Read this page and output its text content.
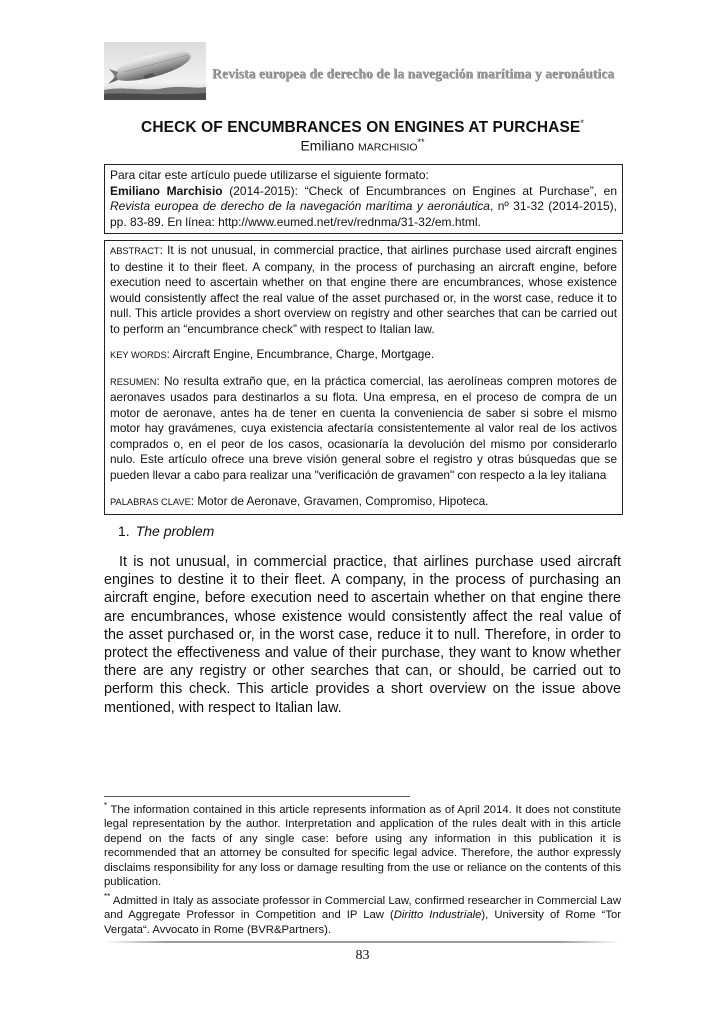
Revista europea de derecho de la navegación marítima y aeronáutica
CHECK OF ENCUMBRANCES ON ENGINES AT PURCHASE*
Emiliano MARCHISIO**
Para citar este artículo puede utilizarse el siguiente formato:
Emiliano Marchisio (2014-2015): “Check of Encumbrances on Engines at Purchase”, en Revista europea de derecho de la navegación marítima y aeronáutica, nº 31-32 (2014-2015), pp. 83-89. En línea: http://www.eumed.net/rev/rednma/31-32/em.html.

ABSTRACT: It is not unusual, in commercial practice, that airlines purchase used aircraft engines to destine it to their fleet. A company, in the process of purchasing an aircraft engine, before execution need to ascertain whether on that engine there are encumbrances, whose existence would consistently affect the real value of the asset purchased or, in the worst case, reduce it to null. This article provides a short overview on registry and other searches that can be carried out to perform an “encumbrance check” with respect to Italian law.

KEY WORDS: Aircraft Engine, Encumbrance, Charge, Mortgage.

RESUMEN: No resulta extraño que, en la práctica comercial, las aerolíneas compren motores de aeronaves usados para destinarlos a su flota. Una empresa, en el proceso de compra de un motor de aeronave, antes ha de tener en cuenta la conveniencia de saber si sobre el mismo motor hay gravámenes, cuya existencia afectaría consistentemente al valor real de los activos comprados o, en el peor de los casos, ocasionaría la devolución del mismo por considerarlo nulo. Este artículo ofrece una breve visión general sobre el registro y otras búsquedas que se pueden llevar a cabo para realizar una "verificación de gravamen" con respecto a la ley italiana

PALABRAS CLAVE: Motor de Aeronave, Gravamen, Compromiso, Hipoteca.

1. The problem

It is not unusual, in commercial practice, that airlines purchase used aircraft engines to destine it to their fleet. A company, in the process of purchasing an aircraft engine, before execution need to ascertain whether on that engine there are encumbrances, whose existence would consistently affect the real value of the asset purchased or, in the worst case, reduce it to null. Therefore, in order to protect the effectiveness and value of their purchase, they want to know whether there are any registry or other searches that can, or should, be carried out to perform this check. This article provides a short overview on the issue above mentioned, with respect to Italian law.

* The information contained in this article represents information as of April 2014. It does not constitute legal representation by the author. Interpretation and application of the rules dealt with in this article depend on the facts of any single case: before using any information in this publication it is recommended that an attorney be consulted for specific legal advice. Therefore, the author expressly disclaims responsibility for any loss or damage resulting from the use or reliance on the contents of this publication.

** Admitted in Italy as associate professor in Commercial Law, confirmed researcher in Commercial Law and Aggregate Professor in Competition and IP Law (Diritto Industriale), University of Rome “Tor Vergata“. Avvocato in Rome (BVR&Partners).

83
